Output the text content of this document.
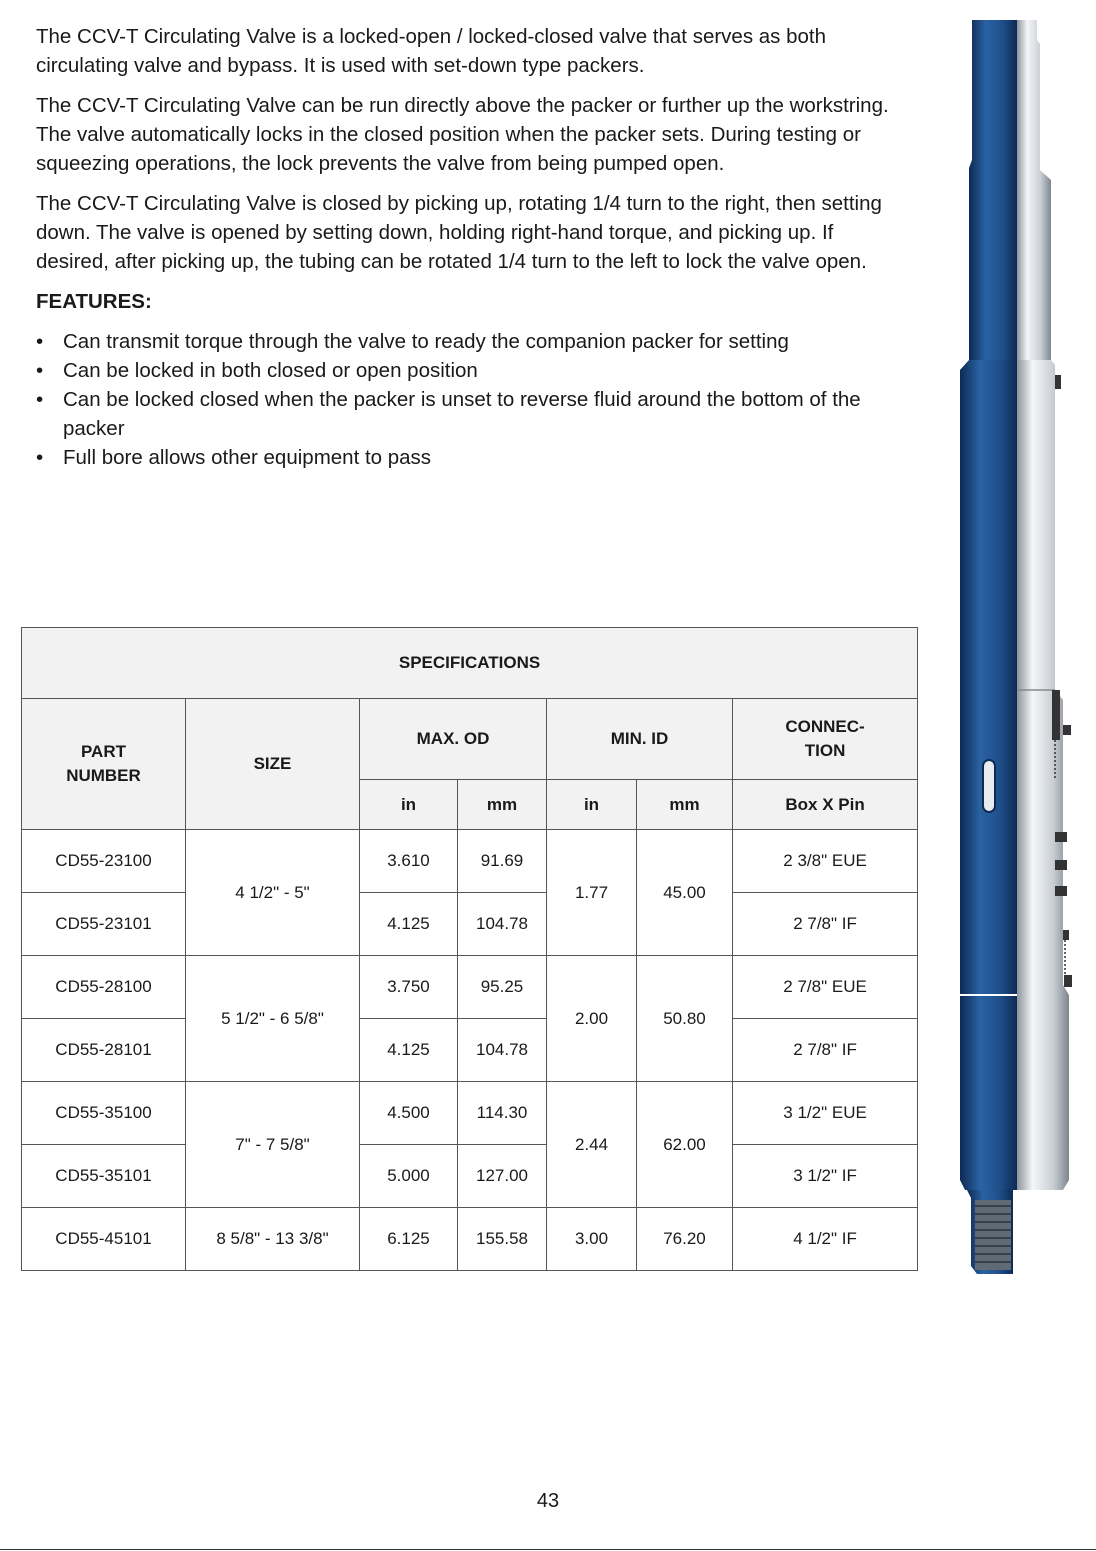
The CCV-T Circulating Valve is a locked-open / locked-closed valve that serves as both circulating valve and bypass. It is used with set-down type packers.

The CCV-T Circulating Valve can be run directly above the packer or further up the workstring. The valve automatically locks in the closed position when the packer sets. During testing or squeezing operations, the lock prevents the valve from being pumped open.

The CCV-T Circulating Valve is closed by picking up, rotating 1/4 turn to the right, then setting down. The valve is opened by setting down, holding right-hand torque, and picking up. If desired, after picking up, the tubing can be rotated 1/4 turn to the left to lock the valve open.

FEATURES:

• Can transmit torque through the valve to ready the companion packer for setting
• Can be locked in both closed or open position
• Can be locked closed when the packer is unset to reverse fluid around the bottom of the packer
• Full bore allows other equipment to pass
SPECIFICATIONS						
PART NUMBER	SIZE	MAX. OD		MIN. ID		CONNEC-TION
		in	mm	in	mm	Box X Pin
CD55-23100	4 1/2" - 5"	3.610	91.69	1.77	45.00	2 3/8" EUE
CD55-23101		4.125	104.78			2 7/8" IF
CD55-28100	5 1/2" - 6 5/8"	3.750	95.25	2.00	50.80	2 7/8" EUE
CD55-28101		4.125	104.78			2 7/8" IF
CD55-35100	7" - 7 5/8"	4.500	114.30	2.44	62.00	3 1/2" EUE
CD55-35101		5.000	127.00			3 1/2" IF
CD55-45101	8 5/8" - 13 3/8"	6.125	155.58	3.00	76.20	4 1/2" IF
43
